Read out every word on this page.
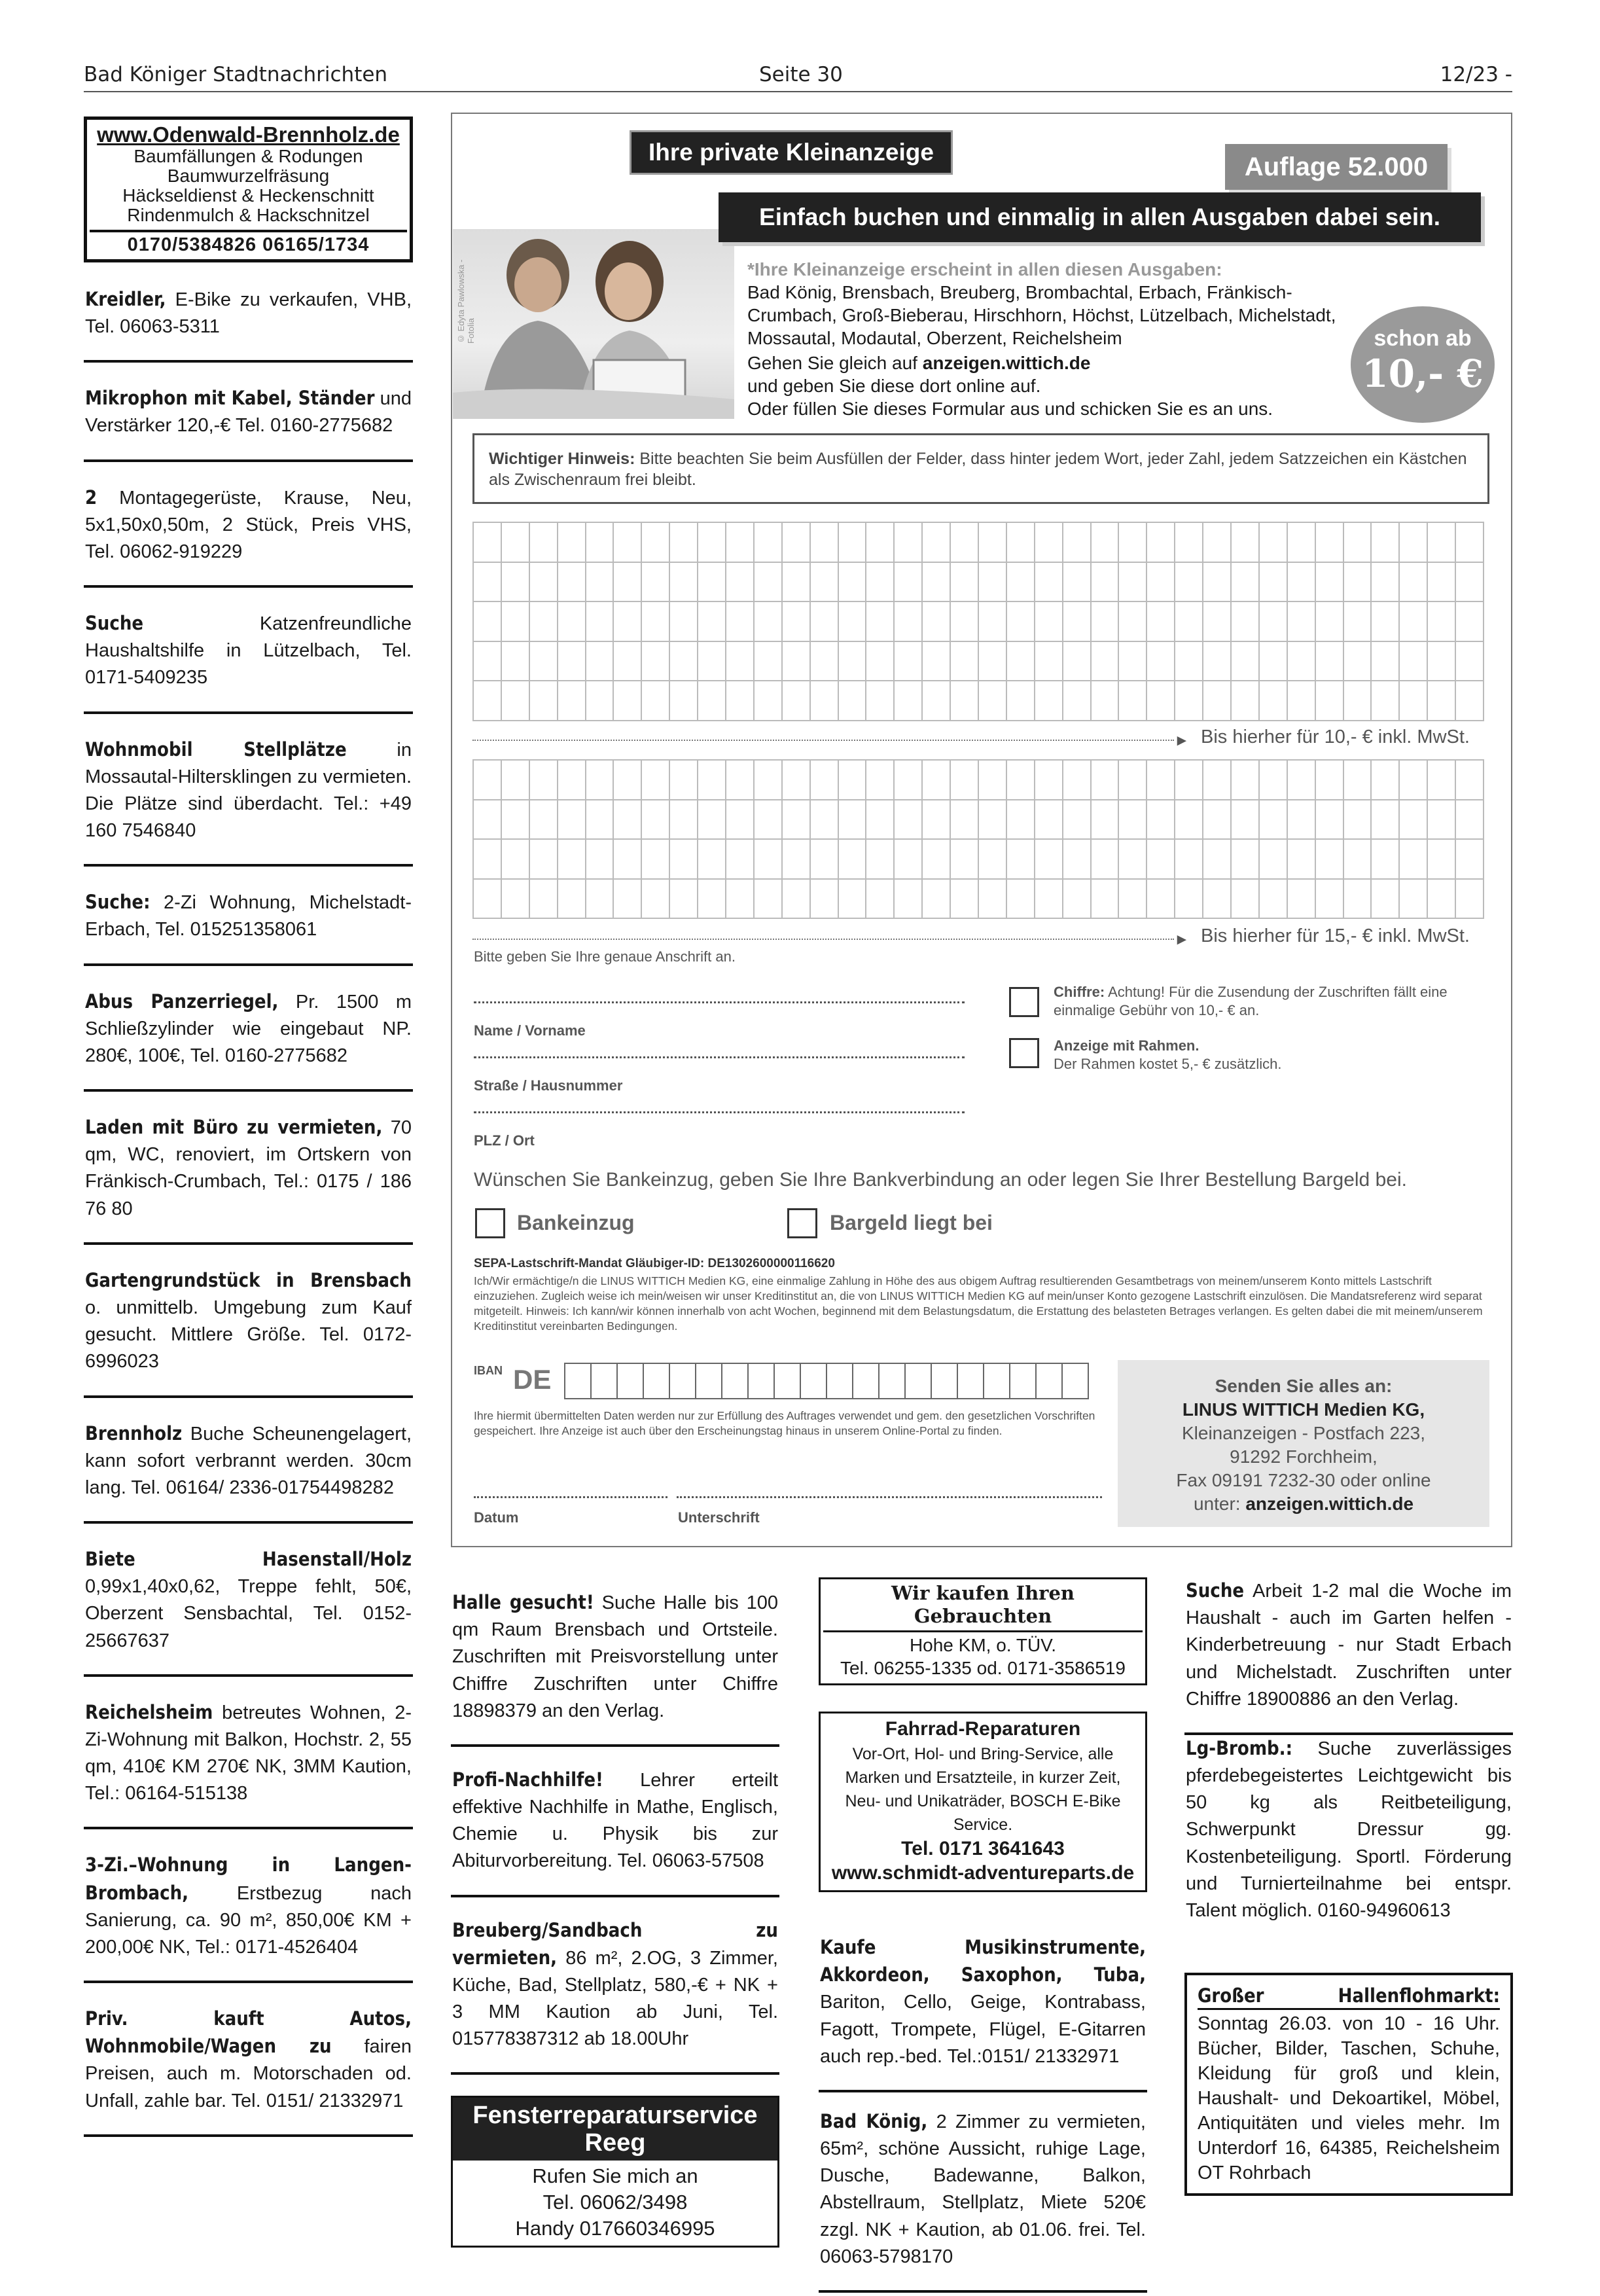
Bad Königer Stadtnachrichten	Seite 30	12/23 -
www.Odenwald-Brennholz.de
Baumfällungen & Rodungen
Baumwurzelfräsung
Häckseldienst & Heckenschnitt
Rindenmulch & Hackschnitzel
0170/5384826 06165/1734
Kreidler, E-Bike zu verkaufen, VHB, Tel. 06063-5311
Mikrophon mit Kabel, Ständer und Verstärker 120,-€ Tel. 0160-2775682
2 Montagegerüste, Krause, Neu, 5x1,50x0,50m, 2 Stück, Preis VHS, Tel. 06062-919229
Suche Katzenfreundliche Haushaltshilfe in Lützelbach, Tel. 0171-5409235
Wohnmobil Stellplätze in Mossautal-Hiltersklingen zu vermieten. Die Plätze sind überdacht. Tel.: +49 160 7546840
Suche: 2-Zi Wohnung, Michelstadt-Erbach, Tel. 015251358061
Abus Panzerriegel, Pr. 1500 m Schließzylinder wie eingebaut NP. 280€, 100€, Tel. 0160-2775682
Laden mit Büro zu vermieten, 70 qm, WC, renoviert, im Ortskern von Fränkisch-Crumbach, Tel.: 0175 / 186 76 80
Gartengrundstück in Brensbach o. unmittelb. Umgebung zum Kauf gesucht. Mittlere Größe. Tel. 0172-6996023
Brennholz Buche Scheunengelagert, kann sofort verbrannt werden. 30cm lang. Tel. 06164/ 2336-01754498282
Biete Hasenstall/Holz 0,99x1,40x0,62, Treppe fehlt, 50€, Oberzent Sensbachtal, Tel. 0152-25667637
Reichelsheim betreutes Wohnen, 2-Zi-Wohnung mit Balkon, Hochstr. 2, 55 qm, 410€ KM 270€ NK, 3MM Kaution, Tel.: 06164-515138
3-Zi.–Wohnung in Langen-Brombach, Erstbezug nach Sanierung, ca. 90 m², 850,00€ KM + 200,00€ NK, Tel.: 0171-4526404
Priv. kauft Autos, Wohnmobile/Wagen zu fairen Preisen, auch m. Motorschaden od. Unfall, zahle bar. Tel. 0151/ 21332971
© Edyta Pawlowska - Fotolia
Ihre private Kleinanzeige
Auflage 52.000
Einfach buchen und einmalig in allen Ausgaben dabei sein.
*Ihre Kleinanzeige erscheint in allen diesen Ausgaben:
Bad König, Brensbach, Breuberg, Brombachtal, Erbach, Fränkisch-Crumbach, Groß-Bieberau, Hirschhorn, Höchst, Lützelbach, Michelstadt, Mossautal, Modautal, Oberzent, Reichelsheim
Gehen Sie gleich auf anzeigen.wittich.de
und geben Sie diese dort online auf.
Oder füllen Sie dieses Formular aus und schicken Sie es an uns.
schon ab
10,- €
Wichtiger Hinweis: Bitte beachten Sie beim Ausfüllen der Felder, dass hinter jedem Wort, jeder Zahl, jedem Satzzeichen ein Kästchen als Zwischenraum frei bleibt.
► Bis hierher für 10,- € inkl. MwSt.
► Bis hierher für 15,- € inkl. MwSt.
Bitte geben Sie Ihre genaue Anschrift an.
Name / Vorname
Straße / Hausnummer
PLZ / Ort
Chiffre: Achtung! Für die Zusendung der Zuschriften fällt eine einmalige Gebühr von 10,- € an.
Anzeige mit Rahmen.
Der Rahmen kostet 5,- € zusätzlich.
Wünschen Sie Bankeinzug, geben Sie Ihre Bankverbindung an oder legen Sie Ihrer Bestellung Bargeld bei.
Bankeinzug	Bargeld liegt bei
SEPA-Lastschrift-Mandat Gläubiger-ID: DE1302600000116620
Ich/Wir ermächtige/n die LINUS WITTICH Medien KG, eine einmalige Zahlung in Höhe des aus obigem Auftrag resultierenden Gesamtbetrags von meinem/unserem Konto mittels Lastschrift einzuziehen. Zugleich weise ich mein/weisen wir unser Kreditinstitut an, die von LINUS WITTICH Medien KG auf mein/unser Konto gezogene Lastschrift einzulösen. Die Mandatsreferenz wird separat mitgeteilt. Hinweis: Ich kann/wir können innerhalb von acht Wochen, beginnend mit dem Belastungsdatum, die Erstattung des belasteten Betrages verlangen. Es gelten dabei die mit meinem/unserem Kreditinstitut vereinbarten Bedingungen.
IBAN DE
Ihre hiermit übermittelten Daten werden nur zur Erfüllung des Auftrages verwendet und gem. den gesetzlichen Vorschriften gespeichert. Ihre Anzeige ist auch über den Erscheinungstag hinaus in unserem Online-Portal zu finden.
Datum	Unterschrift
Senden Sie alles an:
LINUS WITTICH Medien KG,
Kleinanzeigen - Postfach 223,
91292 Forchheim,
Fax 09191 7232-30 oder online
unter: anzeigen.wittich.de
Halle gesucht! Suche Halle bis 100 qm Raum Brensbach und Ortsteile. Zuschriften mit Preisvorstellung unter Chiffre Zuschriften unter Chiffre 18898379 an den Verlag.
Profi-Nachhilfe! Lehrer erteilt effektive Nachhilfe in Mathe, Englisch, Chemie u. Physik bis zur Abiturvorbereitung. Tel. 06063-57508
Breuberg/Sandbach zu vermieten, 86 m², 2.OG, 3 Zimmer, Küche, Bad, Stellplatz, 580,-€ + NK + 3 MM Kaution ab Juni, Tel. 015778387312 ab 18.00Uhr
Fensterreparaturservice Reeg
Rufen Sie mich an
Tel. 06062/3498
Handy 017660346995
Wir kaufen Ihren Gebrauchten
Hohe KM, o. TÜV.
Tel. 06255-1335 od. 0171-3586519
Fahrrad-Reparaturen
Vor-Ort, Hol- und Bring-Service, alle Marken und Ersatzteile, in kurzer Zeit, Neu- und Unikaträder, BOSCH E-Bike Service.
Tel. 0171 3641643
www.schmidt-adventureparts.de
Kaufe Musikinstrumente, Akkordeon, Saxophon, Tuba, Bariton, Cello, Geige, Kontrabass, Fagott, Trompete, Flügel, E-Gitarren auch rep.-bed. Tel.:0151/ 21332971
Bad König, 2 Zimmer zu vermieten, 65m², schöne Aussicht, ruhige Lage, Dusche, Badewanne, Balkon, Abstellraum, Stellplatz, Miete 520€ zzgl. NK + Kaution, ab 01.06. frei. Tel. 06063-5798170
Suche Arbeit 1-2 mal die Woche im Haushalt - auch im Garten helfen - Kinderbetreuung - nur Stadt Erbach und Michelstadt. Zuschriften unter Chiffre 18900886 an den Verlag.
Lg-Bromb.: Suche zuverlässiges pferdebegeistertes Leichtgewicht bis 50 kg als Reitbeteiligung, Schwerpunkt Dressur gg. Kostenbeteiligung. Sportl. Förderung und Turnierteilnahme bei entspr. Talent möglich. 0160-94960613
Großer Hallenflohmarkt:
Sonntag 26.03. von 10 - 16 Uhr. Bücher, Bilder, Taschen, Schuhe, Kleidung für groß und klein, Haushalt- und Dekoartikel, Möbel, Antiquitäten und vieles mehr. Im Unterdorf 16, 64385, Reichelsheim OT Rohrbach
